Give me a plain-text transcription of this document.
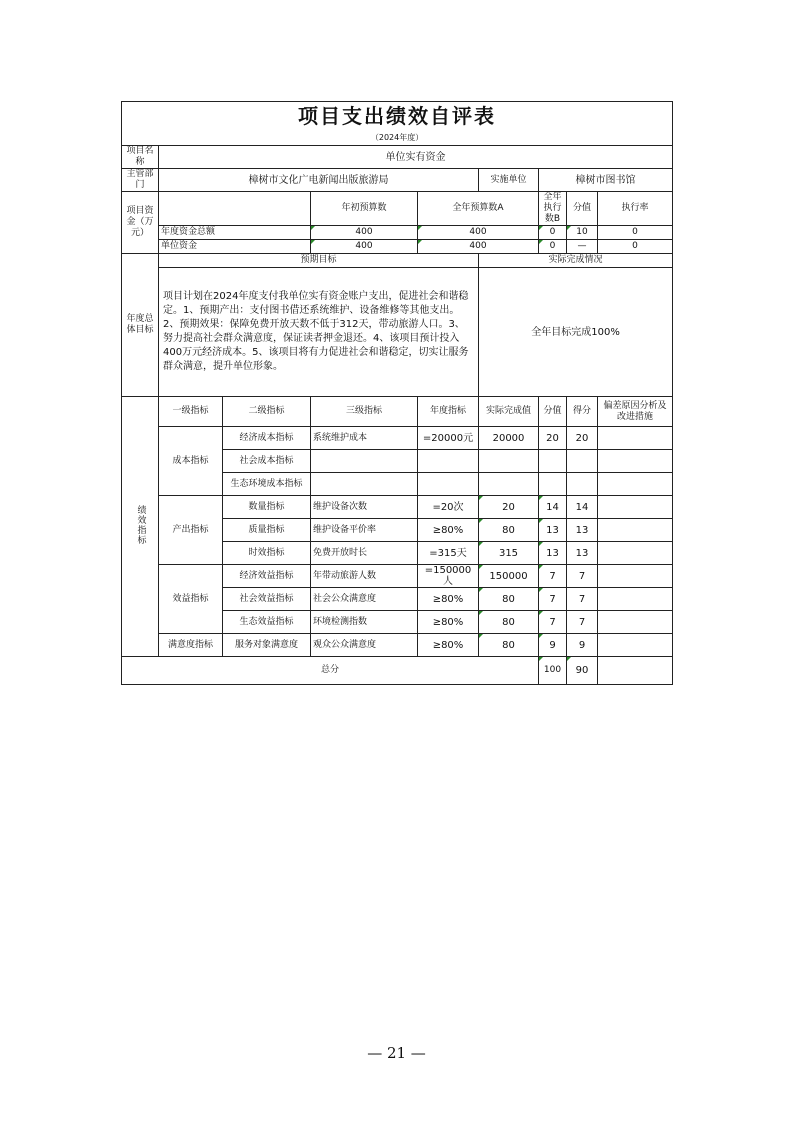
项目支出绩效自评表								
（2024年度）								
项目名称	单位实有资金							
主管部门	樟树市文化广电新闻出版旅游局				实施单位	樟树市图书馆		
项目资金（万元）			年初预算数	全年预算数A		全年执行数B	分值	执行率
	年度资金总额		400	400		0	10	0
	单位资金		400	400		0	—	0
年度总体目标	预期目标				实际完成情况			
	项目计划在2024年度支付我单位实有资金账户支出，促进社会和谐稳定。1、预期产出：支付图书借还系统维护、设备维修等其他支出。2、预期效果：保障免费开放天数不低于312天，带动旅游人口。3、努力提高社会群众满意度，保证读者押金退还。4、该项目预计投入400万元经济成本。5、该项目将有力促进社会和谐稳定，切实让服务群众满意，提升单位形象。				全年目标完成100%			
绩效指标	一级指标	二级指标	三级指标	年度指标	实际完成值	分值	得分	偏差原因分析及改进措施
	成本指标	经济成本指标	系统维护成本	=20000元	20000	20	20	
		社会成本指标						
		生态环境成本指标						
	产出指标	数量指标	维护设备次数	=20次	20	14	14	
		质量指标	维护设备平价率	≥80%	80	13	13	
		时效指标	免费开放时长	=315天	315	13	13	
	效益指标	经济效益指标	年带动旅游人数	=150000人	150000	7	7	
		社会效益指标	社会公众满意度	≥80%	80	7	7	
		生态效益指标	环境检测指数	≥80%	80	7	7	
	满意度指标	服务对象满意度	观众公众满意度	≥80%	80	9	9	
总分						100	90	
— 21 —
